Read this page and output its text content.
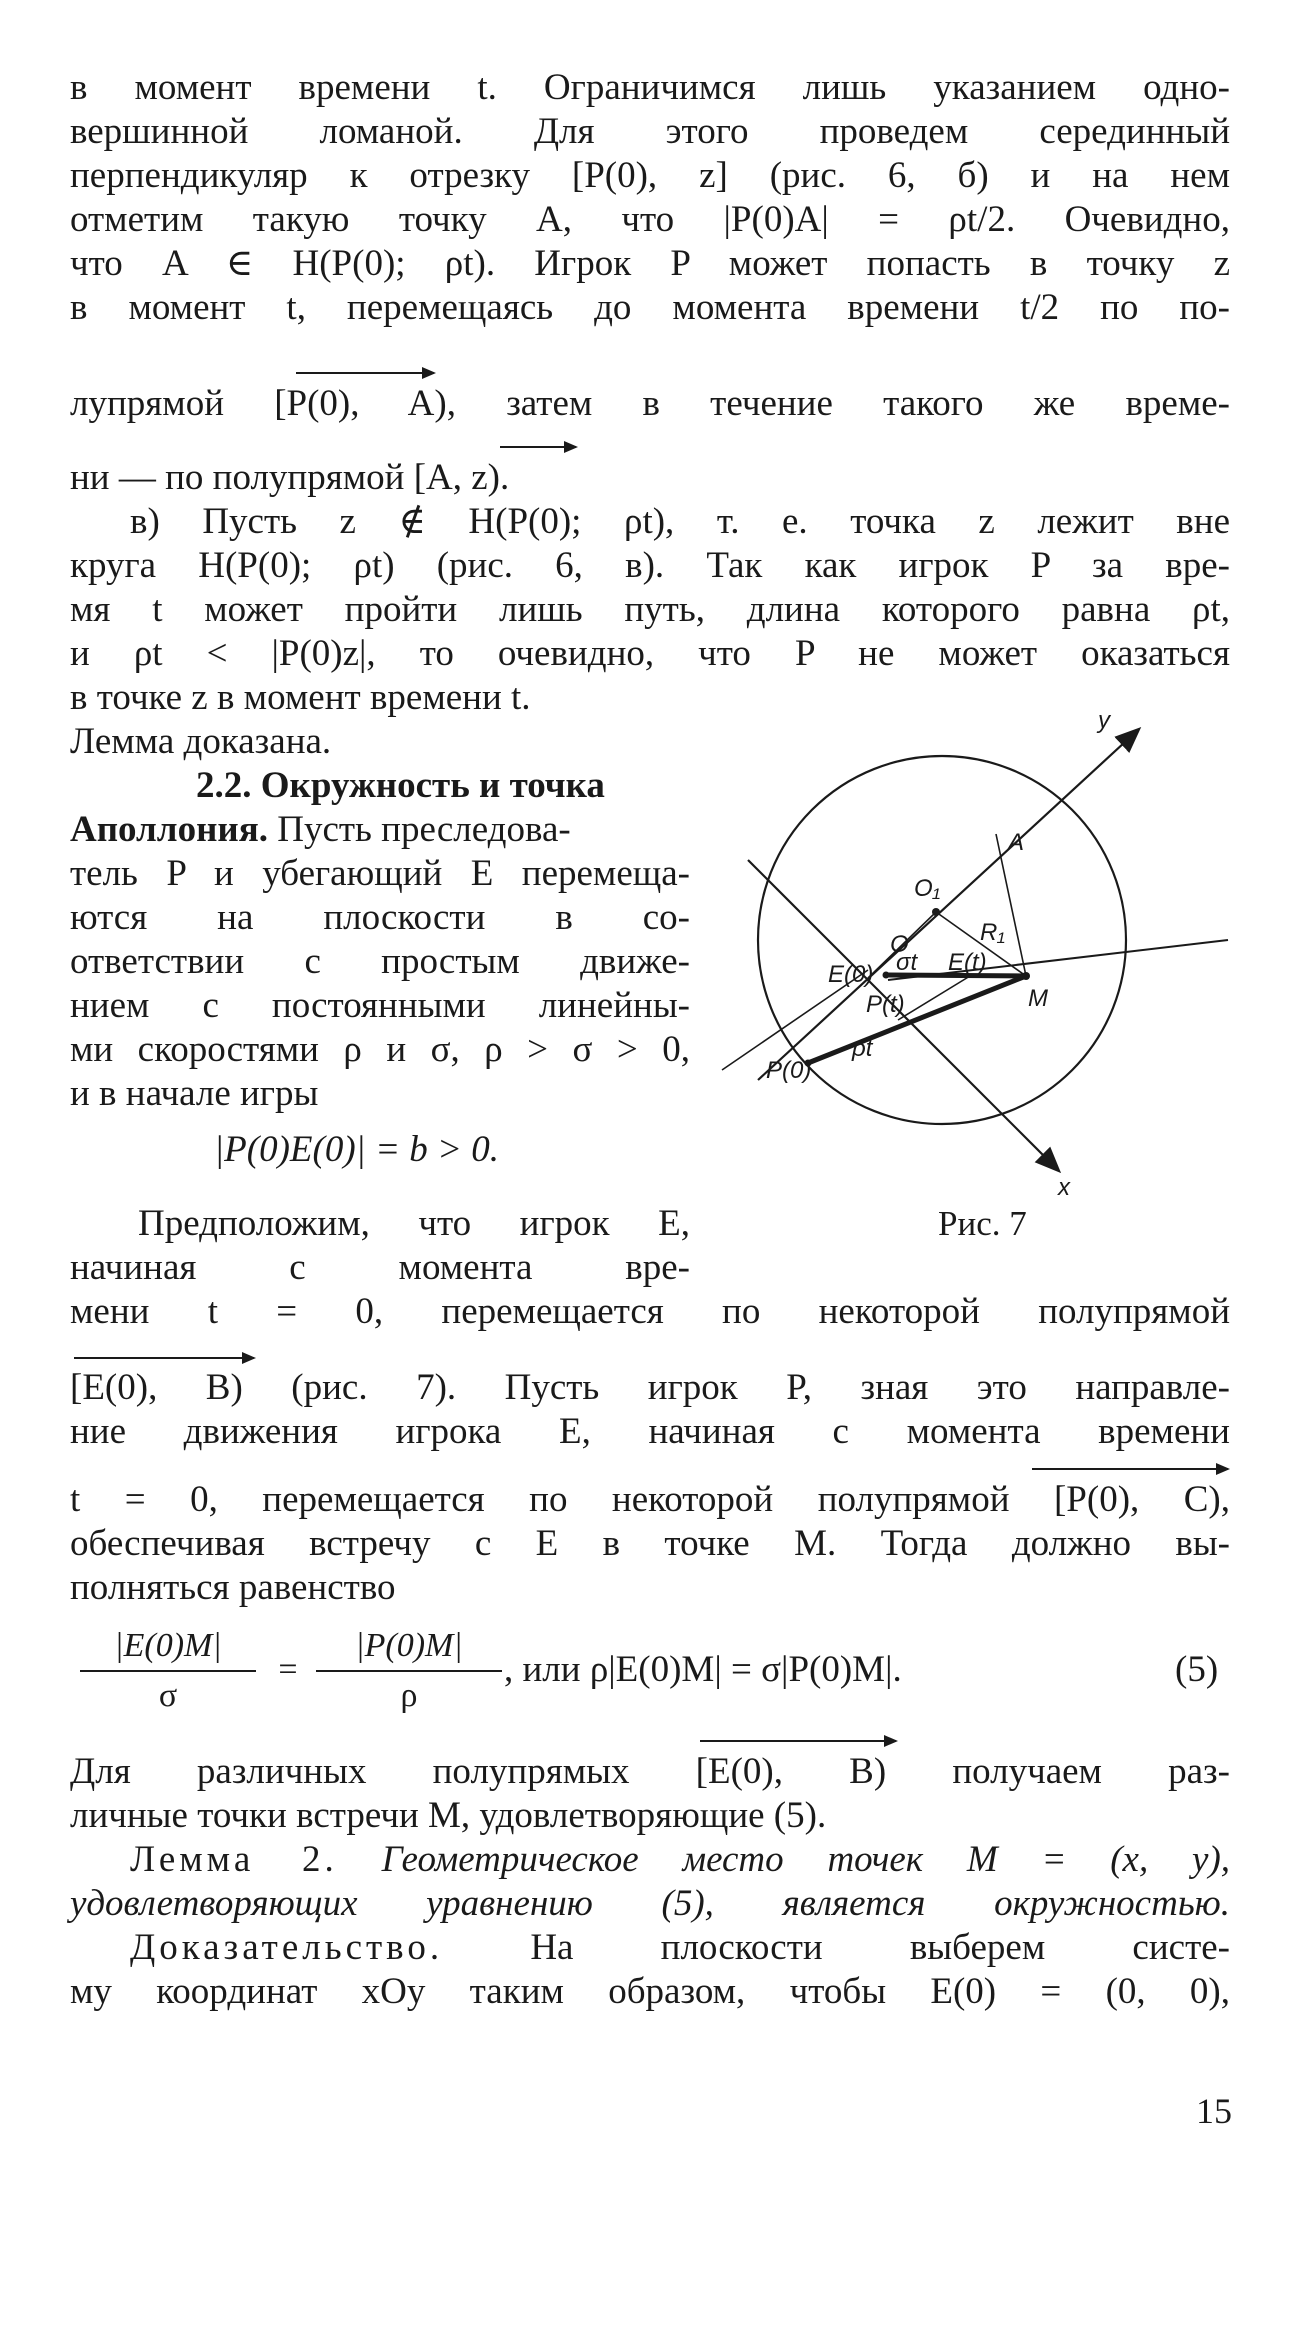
в момент времени t. Ограничимся лишь указанием одно-
вершинной ломаной. Для этого проведем серединный
перпендикуляр к отрезку [P(0), z] (рис. 6, б) и на нем
отметим такую точку A, что |P(0)A| = ρt/2. Очевидно,
что A ∈ H(P(0); ρt). Игрок P может попасть в точку z
в момент t, перемещаясь до момента времени t/2 по по-
лупрямой [P(0), A), затем в течение такого же време-
ни — по полупрямой [A, z).
в) Пусть z ∉ H(P(0); ρt), т. е. точка z лежит вне
круга H(P(0); ρt) (рис. 6, в). Так как игрок P за вре-
мя t может пройти лишь путь, длина которого равна ρt,
и ρt < |P(0)z|, то очевидно, что P не может оказаться
в точке z в момент времени t.
Лемма доказана.
2.2. Окружность и точка
Аполлония. Пусть преследова-
тель P и убегающий E перемеща-
ются на плоскости в со-
ответствии с простым движе-
нием с постоянными линейны-
ми скоростями ρ и σ, ρ > σ > 0,
и в начале игры
|P(0)E(0)| = b > 0.
Предположим, что игрок E,
начиная с момента вре-
мени t = 0, перемещается по некоторой полупрямой
[E(0), B) (рис. 7). Пусть игрок P, зная это направле-
ние движения игрока E, начиная с момента времени
t = 0, перемещается по некоторой полупрямой [P(0), C),
обеспечивая встречу с E в точке M. Тогда должно вы-
полняться равенство
|E(0)M|
σ
=
|P(0)M|
ρ
, или ρ|E(0)M| = σ|P(0)M|.	(5)
Для различных полупрямых [E(0), B) получаем раз-
личные точки встречи M, удовлетворяющие (5).
Лемма 2. Геометрическое место точек M = (x, y),
удовлетворяющих уравнению (5), является окружностью.
Доказательство. На плоскости выберем систе-
му координат xOy таким образом, чтобы E(0) = (0, 0),
15
y
x
A
O₁
R₁
O
E(0) σt E(t)
M
P(t)
ρt
P(0)
Рис. 7
